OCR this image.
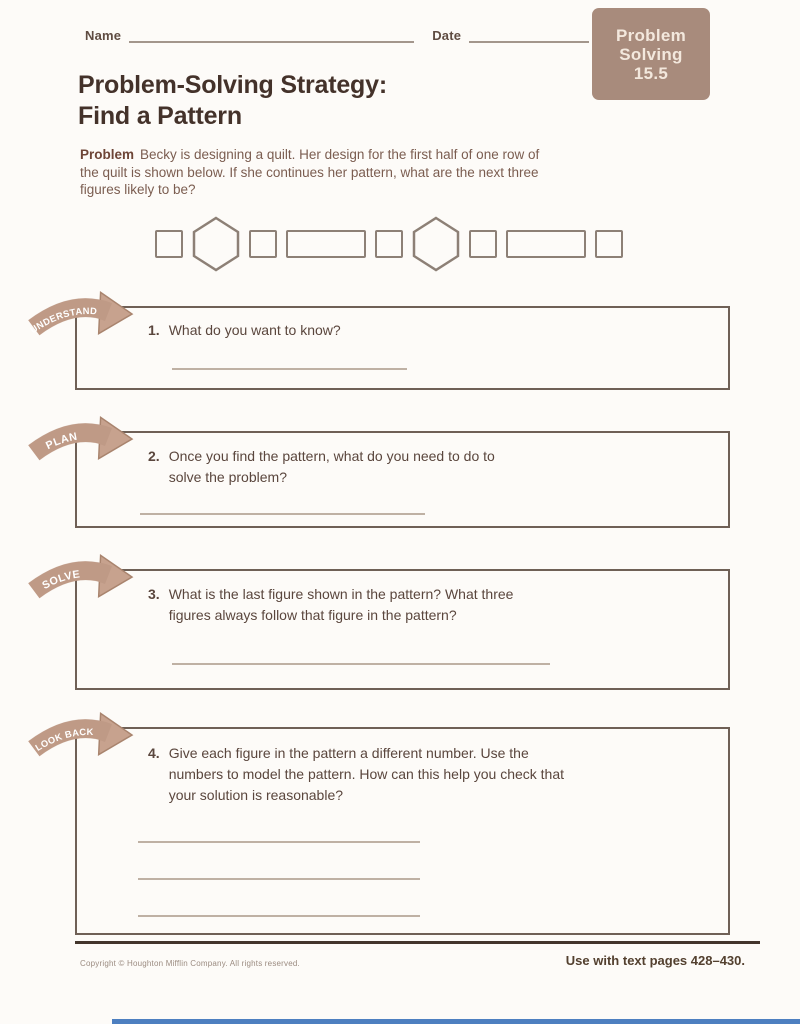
Name	Date	Problem
Solving
15.5
Problem-Solving Strategy:
Find a Pattern
Problem Becky is designing a quilt. Her design for the first half of one row of the quilt is shown below. If she continues her pattern, what are the next three figures likely to be?
UNDERSTAND
1. What do you want to know?
PLAN
2. Once you find the pattern, what do you need to do to solve the problem?
SOLVE
3. What is the last figure shown in the pattern? What three figures always follow that figure in the pattern?
LOOK BACK
4. Give each figure in the pattern a different number. Use the numbers to model the pattern. How can this help you check that your solution is reasonable?
Copyright © Houghton Mifflin Company. All rights reserved.	Use with text pages 428–430.
